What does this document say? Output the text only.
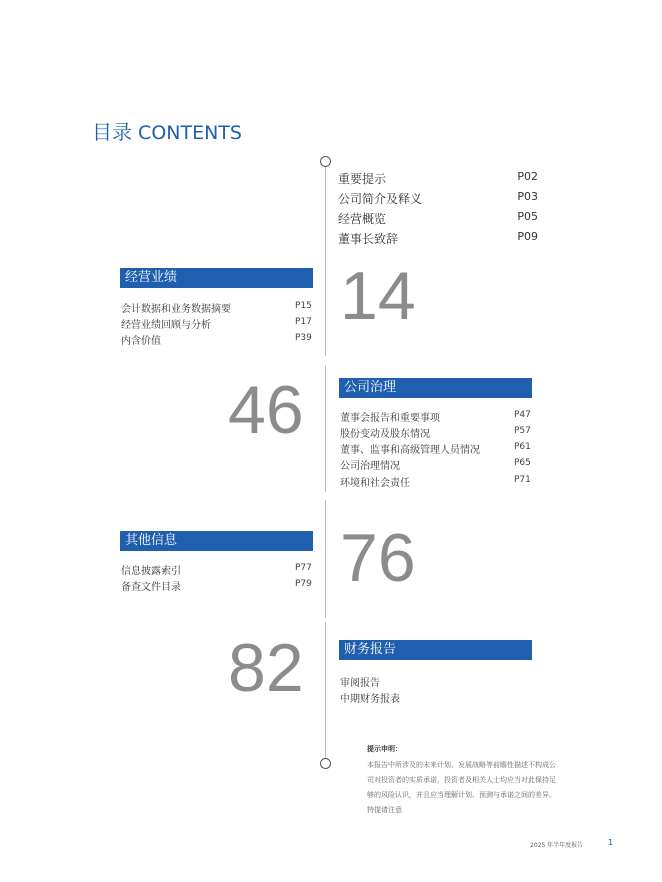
目录 CONTENTS
重要提示	P02
公司简介及释义	P03
经营概览	P05
董事长致辞	P09
经营业绩
会计数据和业务数据摘要	P15
经营业绩回顾与分析	P17
内含价值	P39
14
46	公司治理
董事会报告和重要事项	P47
股份变动及股东情况	P57
董事、监事和高级管理人员情况	P61
公司治理情况	P65
环境和社会责任	P71
其他信息
信息披露索引	P77
备查文件目录	P79 76
82	财务报告
审阅报告
中期财务报表
提示申明：
本报告中所涉及的未来计划、发展战略等前瞻性描述不构成公
司对投资者的实质承诺，投资者及相关人士均应当对此保持足
够的风险认识，并且应当理解计划、预测与承诺之间的差异。
特提请注意
2025 年半年度报告	1
